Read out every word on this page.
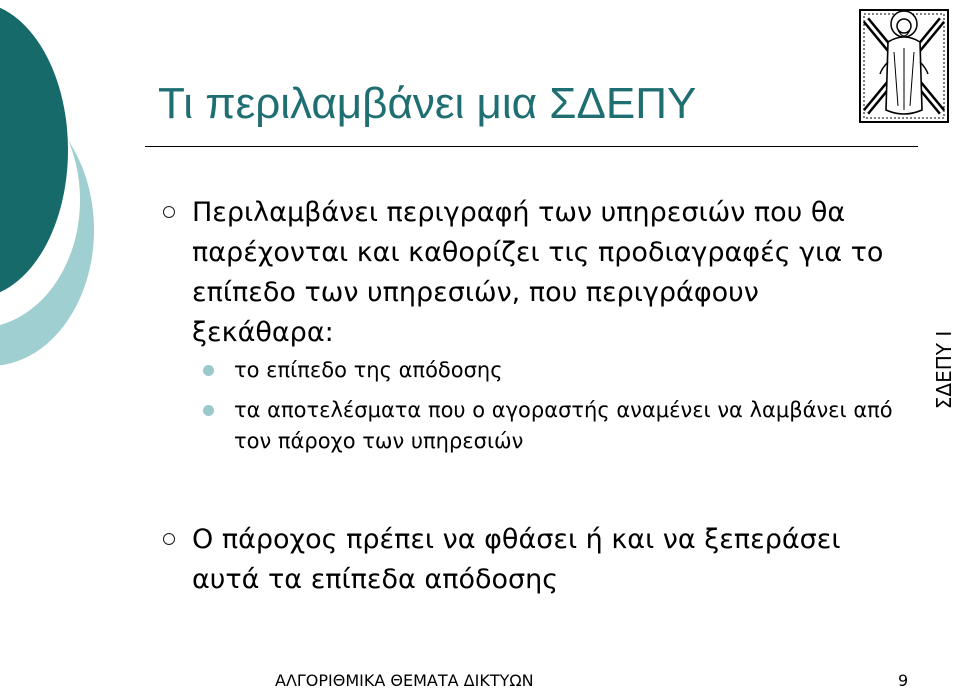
Τι περιλαμβάνει μια ΣΔΕΠΥ
ΣΔΕΠΥ Ι
Περιλαμβάνει περιγραφή των υπηρεσιών που θα παρέχονται και καθορίζει τις προδιαγραφές για το επίπεδο των υπηρεσιών, που περιγράφουν ξεκάθαρα:
το επίπεδο της απόδοσης
τα αποτελέσματα που ο αγοραστής αναμένει να λαμβάνει από τον πάροχο των υπηρεσιών
Ο πάροχος πρέπει να φθάσει ή και να ξεπεράσει αυτά τα επίπεδα απόδοσης
ΑΛΓΟΡΙΘΜΙΚΑ ΘΕΜΑΤΑ ΔΙΚΤΥΩΝ	9
